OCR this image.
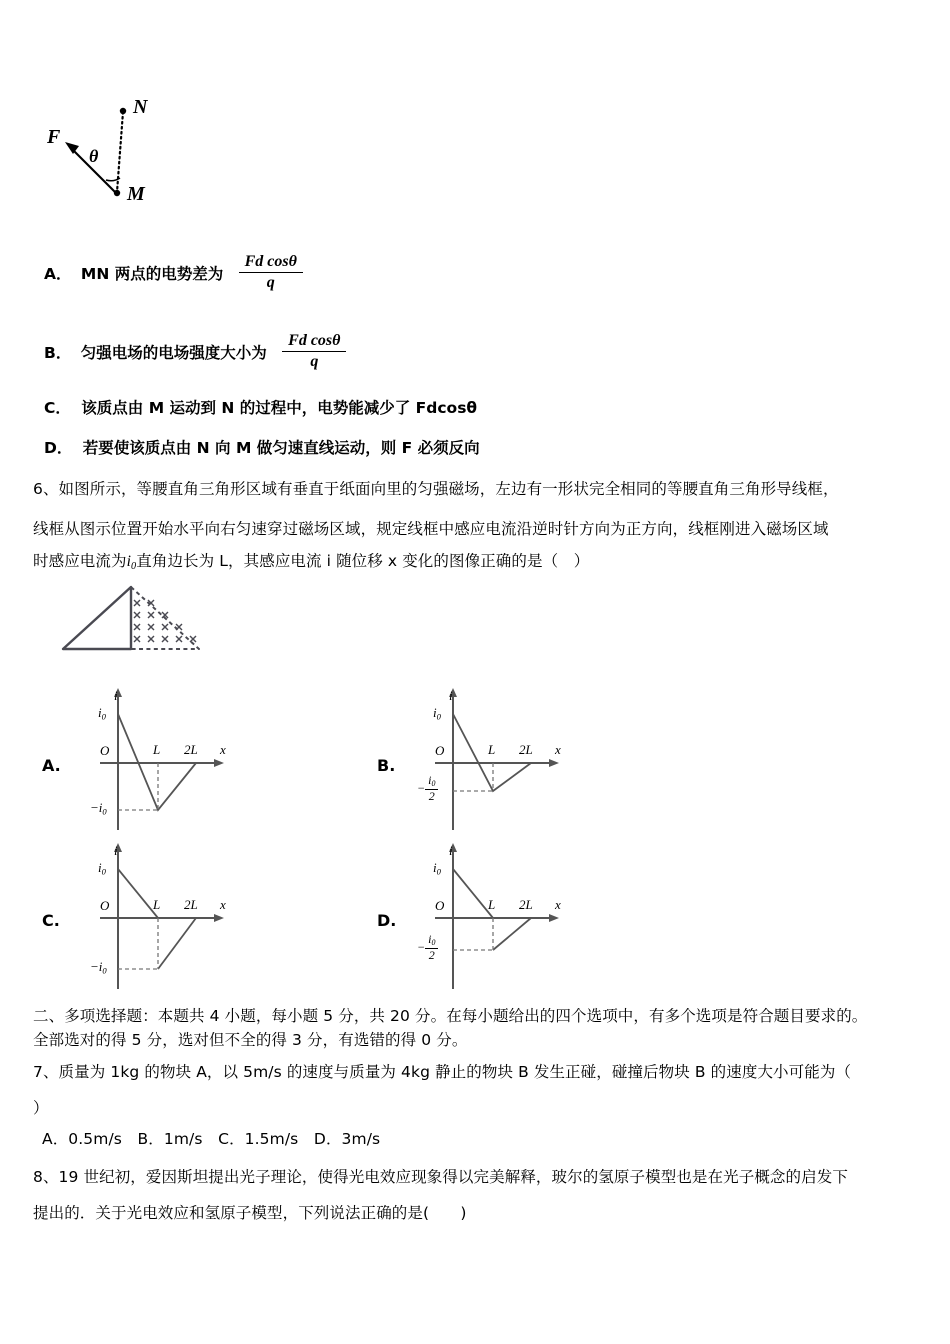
N
M
F
θ
A． MN 两点的电势差为 $\frac{\text{Fd cosθ}}{q}$
B． 匀强电场的电场强度大小为 $\frac{\text{Fd cosθ}}{q}$
C． 该质点由 M 运动到 N 的过程中，电势能减少了 Fdcosθ
D． 若要使该质点由 N 向 M 做匀速直线运动，则 F 必须反向
6、如图所示，等腰直角三角形区域有垂直于纸面向里的匀强磁场，左边有一形状完全相同的等腰直角三角形导线框，
线框从图示位置开始水平向右匀速穿过磁场区域，规定线框中感应电流沿逆时针方向为正方向，线框刚进入磁场区域
时感应电流为$i_0$直角边长为 L，其感应电流 i 随位移 x 变化的图像正确的是（　）
A.
i
$i_0$
$-i_0$
O	L 2L x
B.
i
$i_0$
− $\frac{i_0}{2}$
O	L 2L x
C.
i
$i_0$
$-i_0$
O	L 2L x
D.
i
$i_0$
− $\frac{i_0}{2}$
O	L 2L x
二、多项选择题：本题共 4 小题，每小题 5 分，共 20 分。在每小题给出的四个选项中，有多个选项是符合题目要求的。
全部选对的得 5 分，选对但不全的得 3 分，有选错的得 0 分。
7、质量为 1kg 的物块 A，以 5m/s 的速度与质量为 4kg 静止的物块 B 发生正碰，碰撞后物块 B 的速度大小可能为（
）
A．0.5m/s　B．1m/s　C．1.5m/s　D．3m/s
8、19 世纪初，爱因斯坦提出光子理论，使得光电效应现象得以完美解释，玻尔的氢原子模型也是在光子概念的启发下
提出的．关于光电效应和氢原子模型，下列说法正确的是(　　)
